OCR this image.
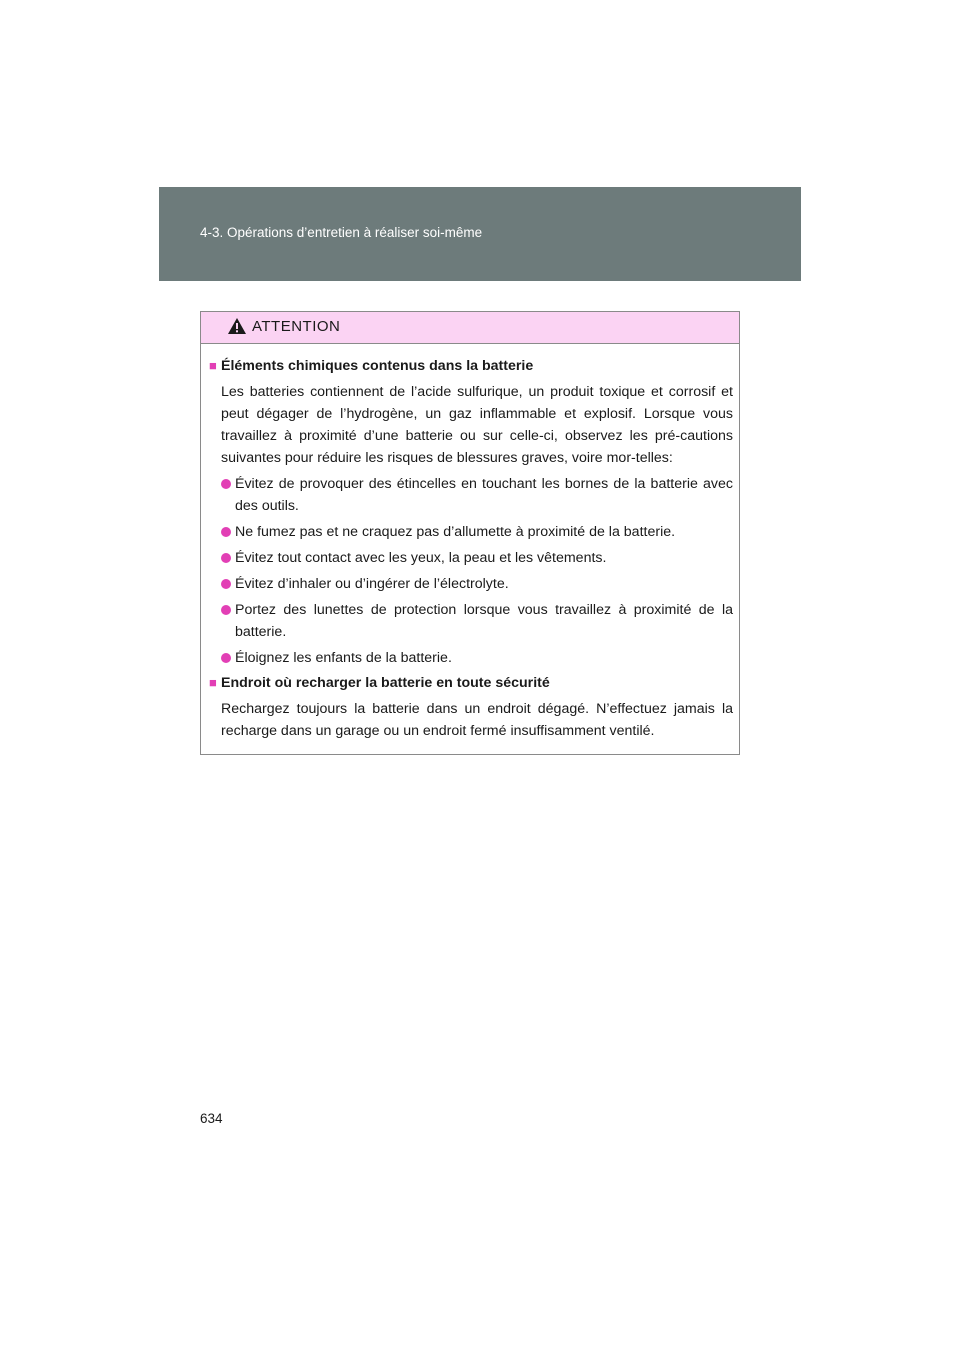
4-3. Opérations d’entretien à réaliser soi-même
ATTENTION
■ Éléments chimiques contenus dans la batterie
Les batteries contiennent de l’acide sulfurique, un produit toxique et corrosif et peut dégager de l’hydrogène, un gaz inflammable et explosif. Lorsque vous travaillez à proximité d’une batterie ou sur celle-ci, observez les pré-cautions suivantes pour réduire les risques de blessures graves, voire mor-telles:
Évitez de provoquer des étincelles en touchant les bornes de la batterie avec des outils.
Ne fumez pas et ne craquez pas d’allumette à proximité de la batterie.
Évitez tout contact avec les yeux, la peau et les vêtements.
Évitez d’inhaler ou d’ingérer de l’électrolyte.
Portez des lunettes de protection lorsque vous travaillez à proximité de la batterie.
Éloignez les enfants de la batterie.
■ Endroit où recharger la batterie en toute sécurité
Rechargez toujours la batterie dans un endroit dégagé. N’effectuez jamais la recharge dans un garage ou un endroit fermé insuffisamment ventilé.
634
